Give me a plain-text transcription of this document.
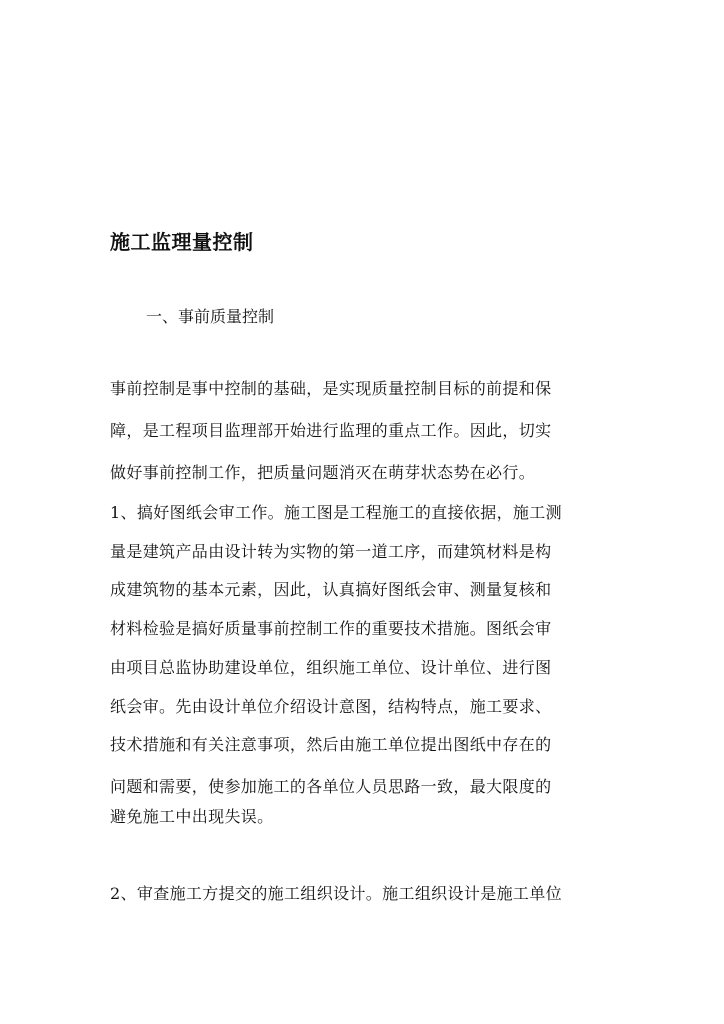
施工监理量控制
一、事前质量控制
事前控制是事中控制的基础，是实现质量控制目标的前提和保
障，是工程项目监理部开始进行监理的重点工作。因此，切实
做好事前控制工作，把质量问题消灭在萌芽状态势在必行。
1、搞好图纸会审工作。施工图是工程施工的直接依据，施工测
量是建筑产品由设计转为实物的第一道工序，而建筑材料是构
成建筑物的基本元素，因此，认真搞好图纸会审、测量复核和
材料检验是搞好质量事前控制工作的重要技术措施。图纸会审
由项目总监协助建设单位，组织施工单位、设计单位、进行图
纸会审。先由设计单位介绍设计意图，结构特点，施工要求、
技术措施和有关注意事项，然后由施工单位提出图纸中存在的
问题和需要，使参加施工的各单位人员思路一致，最大限度的
避免施工中出现失误。
2、审查施工方提交的施工组织设计。施工组织设计是施工单位
